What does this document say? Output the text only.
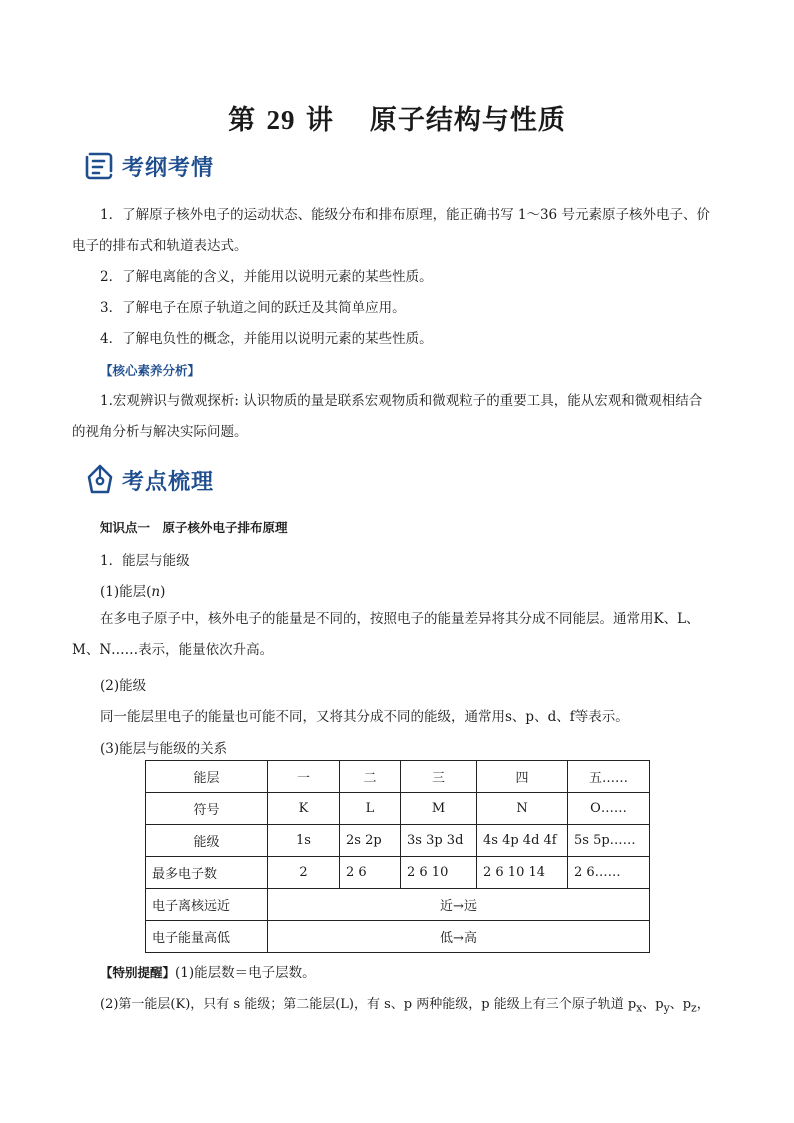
第 29 讲 原子结构与性质
考纲考情
1．了解原子核外电子的运动状态、能级分布和排布原理，能正确书写 1～36 号元素原子核外电子、价
电子的排布式和轨道表达式。
2．了解电离能的含义，并能用以说明元素的某些性质。
3．了解电子在原子轨道之间的跃迁及其简单应用。
4．了解电负性的概念，并能用以说明元素的某些性质。
【核心素养分析】
1.宏观辨识与微观探析: 认识物质的量是联系宏观物质和微观粒子的重要工具，能从宏观和微观相结合
的视角分析与解决实际问题。
考点梳理
知识点一　原子核外电子排布原理
1．能层与能级
(1)能层(n)
在多电子原子中，核外电子的能量是不同的，按照电子的能量差异将其分成不同能层。通常用K、L、
M、N……表示，能量依次升高。
(2)能级
同一能层里电子的能量也可能不同，又将其分成不同的能级，通常用s、p、d、f等表示。
(3)能层与能级的关系
能层	一	二	三	四	五……
符号	K	L	M	N	O……
能级	1s	2s 2p	3s 3p 3d	4s 4p 4d 4f	5s 5p……
最多电子数	2	2 6	2 6 10	2 6 10 14	2 6……
电子离核远近	近→远				
电子能量高低	低→高				
【特别提醒】(1)能层数＝电子层数。
(2)第一能层(K)，只有 s 能级；第二能层(L)，有 s、p 两种能级，p 能级上有三个原子轨道 $p_x$、$p_y$、$p_z$，
